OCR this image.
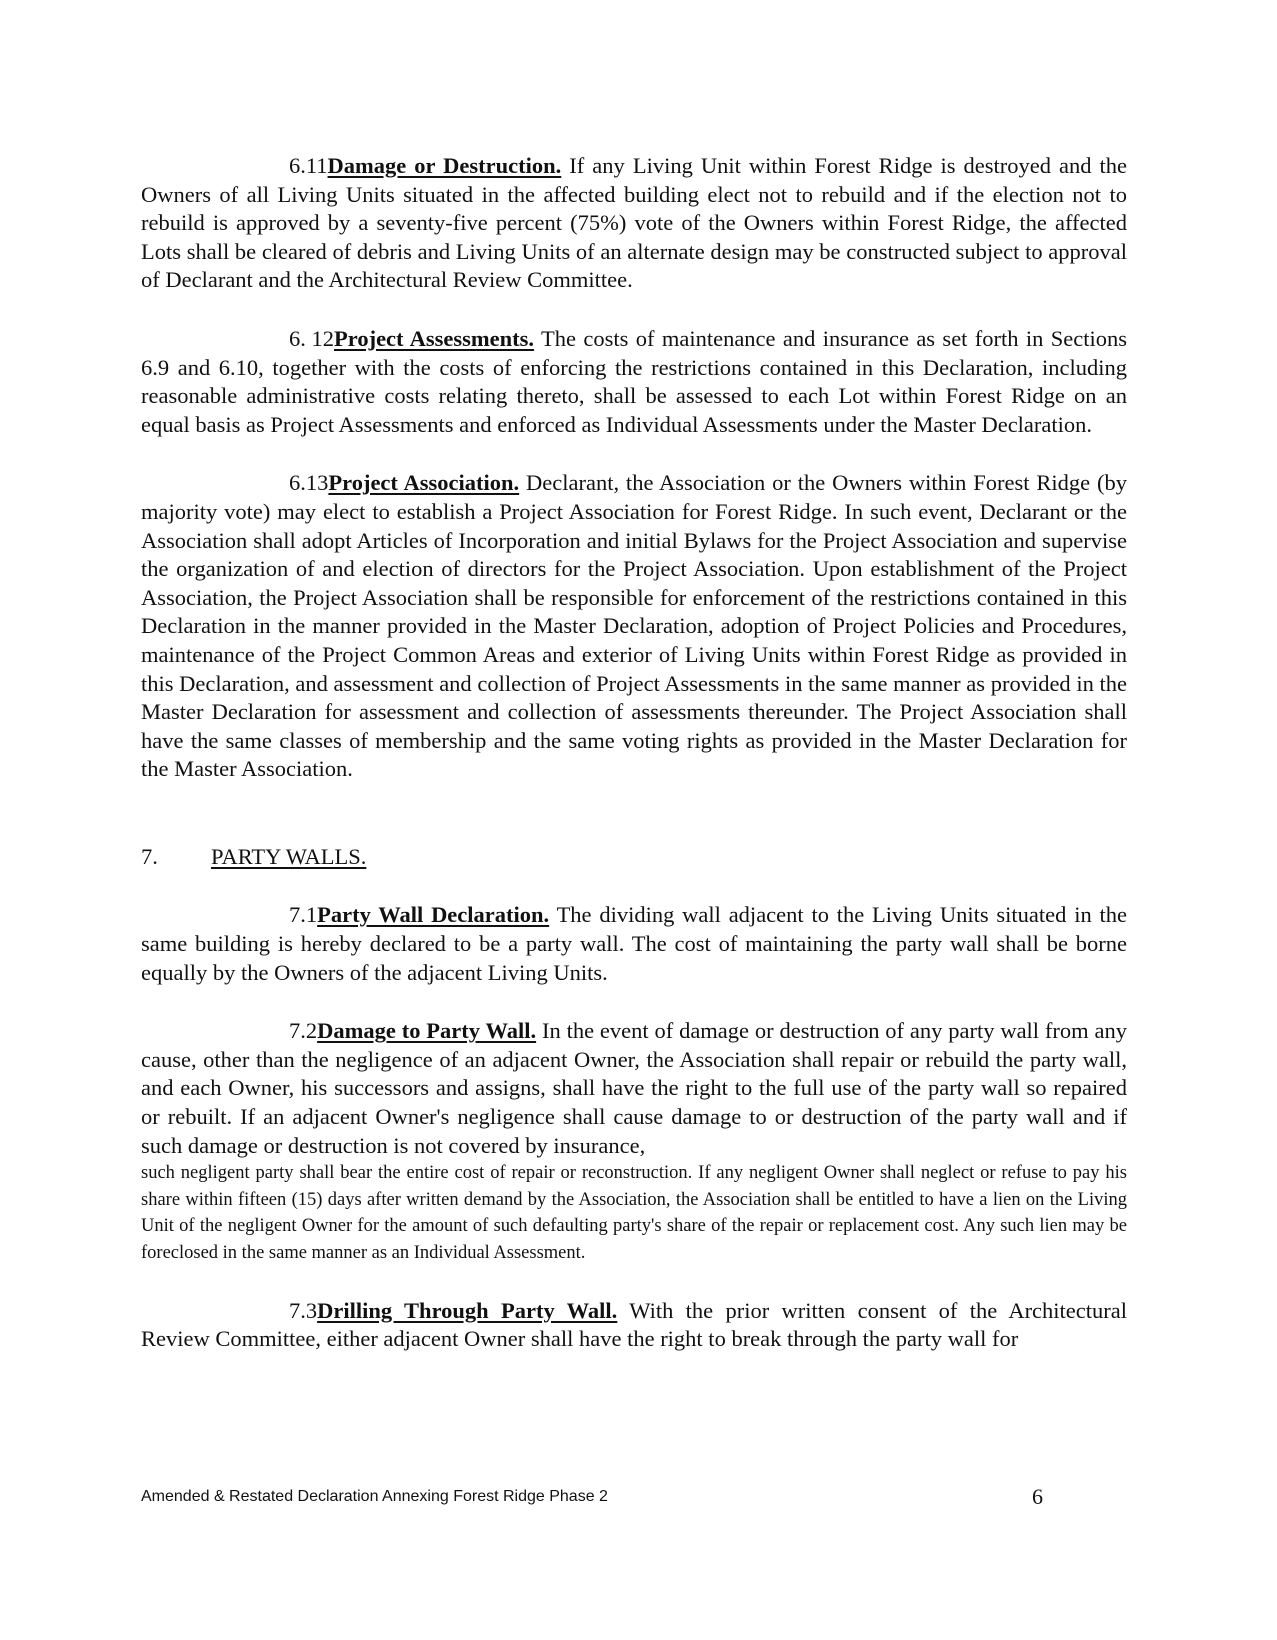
6.11Damage or Destruction. If any Living Unit within Forest Ridge is destroyed and the Owners of all Living Units situated in the affected building elect not to rebuild and if the election not to rebuild is approved by a seventy-five percent (75%) vote of the Owners within Forest Ridge, the affected Lots shall be cleared of debris and Living Units of an alternate design may be constructed subject to approval of Declarant and the Architectural Review Committee.

6. 12Project Assessments. The costs of maintenance and insurance as set forth in Sections 6.9 and 6.10, together with the costs of enforcing the restrictions contained in this Declaration, including reasonable administrative costs relating thereto, shall be assessed to each Lot within Forest Ridge on an equal basis as Project Assessments and enforced as Individual Assessments under the Master Declaration.

6.13Project Association. Declarant, the Association or the Owners within Forest Ridge (by majority vote) may elect to establish a Project Association for Forest Ridge. In such event, Declarant or the Association shall adopt Articles of Incorporation and initial Bylaws for the Project Association and supervise the organization of and election of directors for the Project Association. Upon establishment of the Project Association, the Project Association shall be responsible for enforcement of the restrictions contained in this Declaration in the manner provided in the Master Declaration, adoption of Project Policies and Procedures, maintenance of the Project Common Areas and exterior of Living Units within Forest Ridge as provided in this Declaration, and assessment and collection of Project Assessments in the same manner as provided in the Master Declaration for assessment and collection of assessments thereunder. The Project Association shall have the same classes of membership and the same voting rights as provided in the Master Declaration for the Master Association.

7. PARTY WALLS.

7.1Party Wall Declaration. The dividing wall adjacent to the Living Units situated in the same building is hereby declared to be a party wall. The cost of maintaining the party wall shall be borne equally by the Owners of the adjacent Living Units.

7.2Damage to Party Wall. In the event of damage or destruction of any party wall from any cause, other than the negligence of an adjacent Owner, the Association shall repair or rebuild the party wall, and each Owner, his successors and assigns, shall have the right to the full use of the party wall so repaired or rebuilt. If an adjacent Owner's negligence shall cause damage to or destruction of the party wall and if such damage or destruction is not covered by insurance,

such negligent party shall bear the entire cost of repair or reconstruction. If any negligent Owner shall neglect or refuse to pay his share within fifteen (15) days after written demand by the Association, the Association shall be entitled to have a lien on the Living Unit of the negligent Owner for the amount of such defaulting party's share of the repair or replacement cost. Any such lien may be foreclosed in the same manner as an Individual Assessment.

7.3Drilling Through Party Wall. With the prior written consent of the Architectural Review Committee, either adjacent Owner shall have the right to break through the party wall for

Amended & Restated Declaration Annexing Forest Ridge Phase 2	6
